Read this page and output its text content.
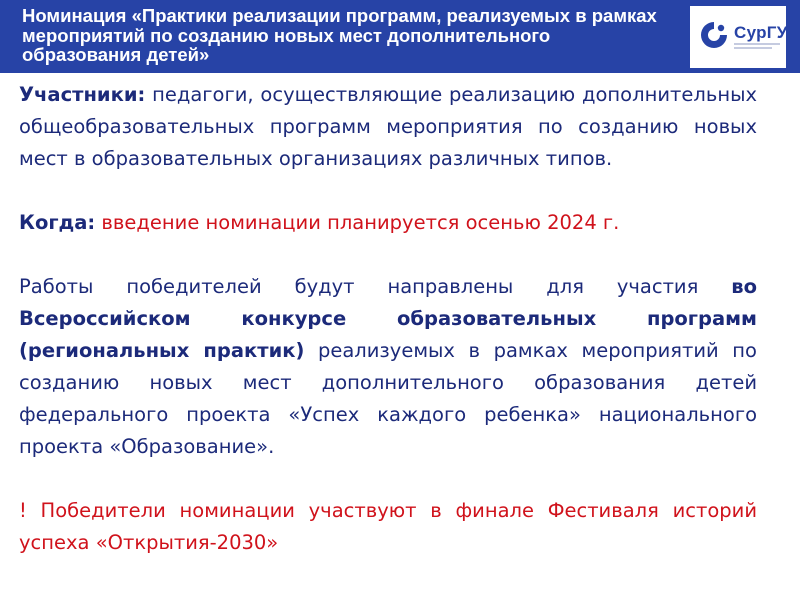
Номинация «Практики реализации программ, реализуемых в рамках мероприятий по созданию новых мест дополнительного образования детей»
СурГУ

Участники: педагоги, осуществляющие реализацию дополнительных общеобразовательных программ мероприятия по созданию новых мест в образовательных организациях различных типов.

Когда: введение номинации планируется осенью 2024 г.

Работы победителей будут направлены для участия во Всероссийском конкурсе образовательных программ (региональных практик) реализуемых в рамках мероприятий по созданию новых мест дополнительного образования детей федерального проекта «Успех каждого ребенка» национального проекта «Образование».

! Победители номинации участвуют в финале Фестиваля историй успеха «Открытия-2030»
